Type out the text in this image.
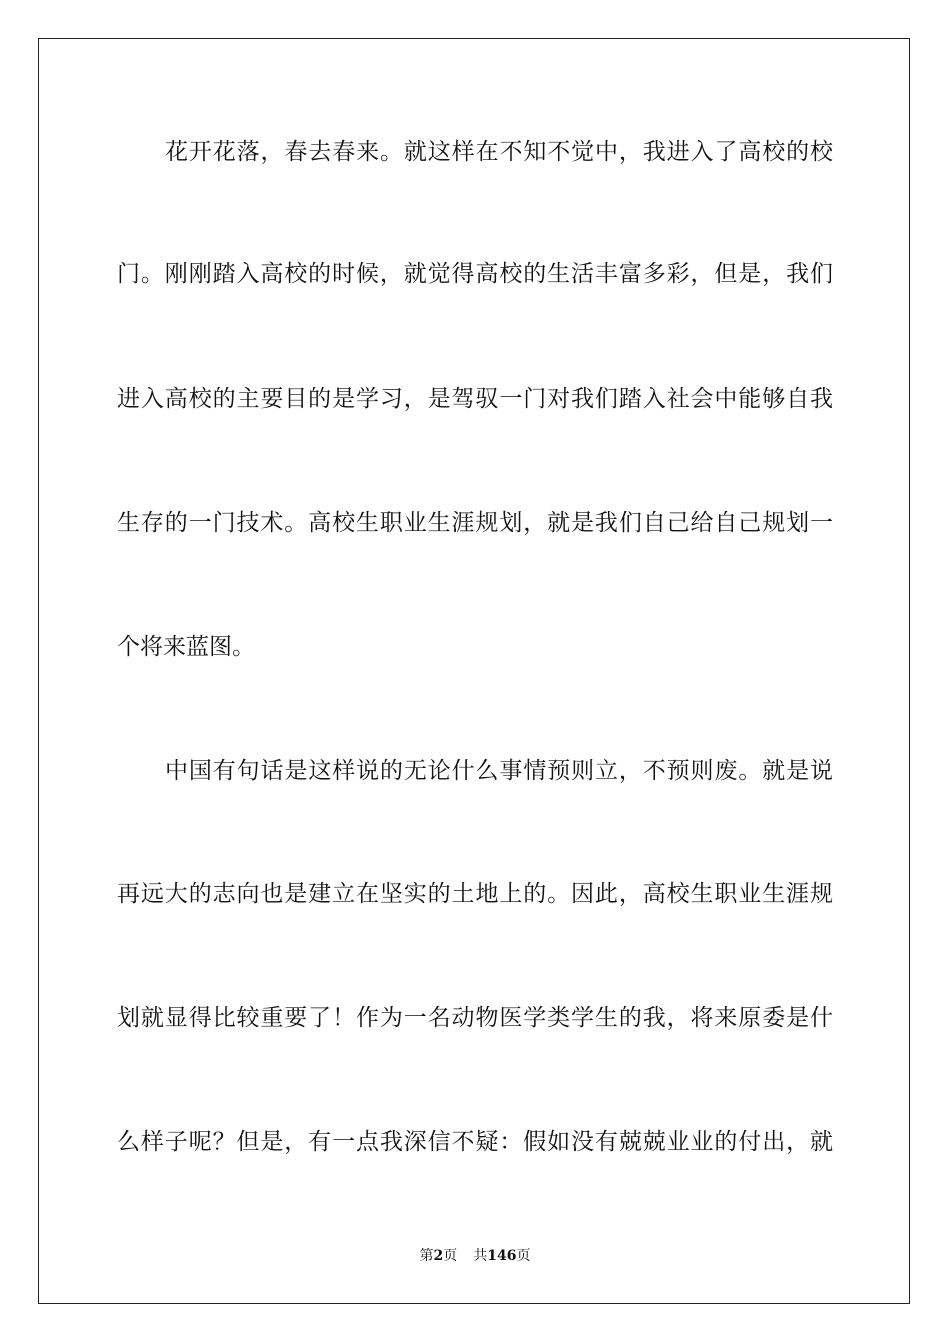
花开花落，春去春来。就这样在不知不觉中，我进入了高校的校
门。刚刚踏入高校的时候，就觉得高校的生活丰富多彩，但是，我们
进入高校的主要目的是学习，是驾驭一门对我们踏入社会中能够自我
生存的一门技术。高校生职业生涯规划，就是我们自己给自己规划一
个将来蓝图。
中国有句话是这样说的无论什么事情预则立，不预则废。就是说
再远大的志向也是建立在坚实的土地上的。因此，高校生职业生涯规
划就显得比较重要了！作为一名动物医学类学生的我，将来原委是什
么样子呢？但是，有一点我深信不疑：假如没有兢兢业业的付出，就
第2页 共146页
